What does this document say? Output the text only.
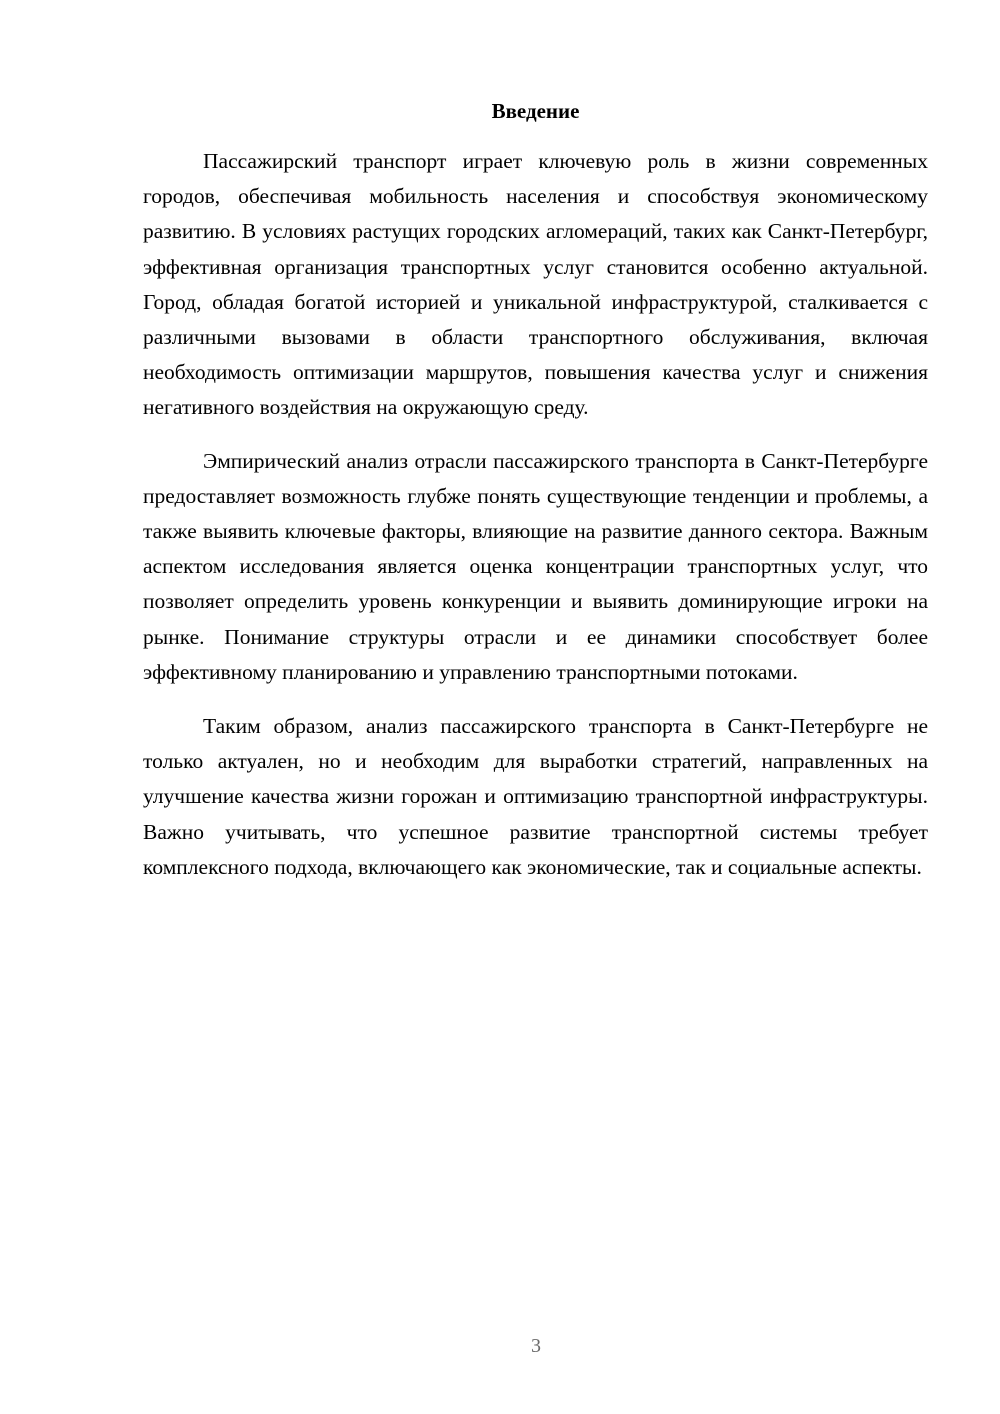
Введение

Пассажирский транспорт играет ключевую роль в жизни современных городов, обеспечивая мобильность населения и способствуя экономическому развитию. В условиях растущих городских агломераций, таких как Санкт-Петербург, эффективная организация транспортных услуг становится особенно актуальной. Город, обладая богатой историей и уникальной инфраструктурой, сталкивается с различными вызовами в области транспортного обслуживания, включая необходимость оптимизации маршрутов, повышения качества услуг и снижения негативного воздействия на окружающую среду.

Эмпирический анализ отрасли пассажирского транспорта в Санкт-Петербурге предоставляет возможность глубже понять существующие тенденции и проблемы, а также выявить ключевые факторы, влияющие на развитие данного сектора. Важным аспектом исследования является оценка концентрации транспортных услуг, что позволяет определить уровень конкуренции и выявить доминирующие игроки на рынке. Понимание структуры отрасли и ее динамики способствует более эффективному планированию и управлению транспортными потоками.

Таким образом, анализ пассажирского транспорта в Санкт-Петербурге не только актуален, но и необходим для выработки стратегий, направленных на улучшение качества жизни горожан и оптимизацию транспортной инфраструктуры. Важно учитывать, что успешное развитие транспортной системы требует комплексного подхода, включающего как экономические, так и социальные аспекты.

3
